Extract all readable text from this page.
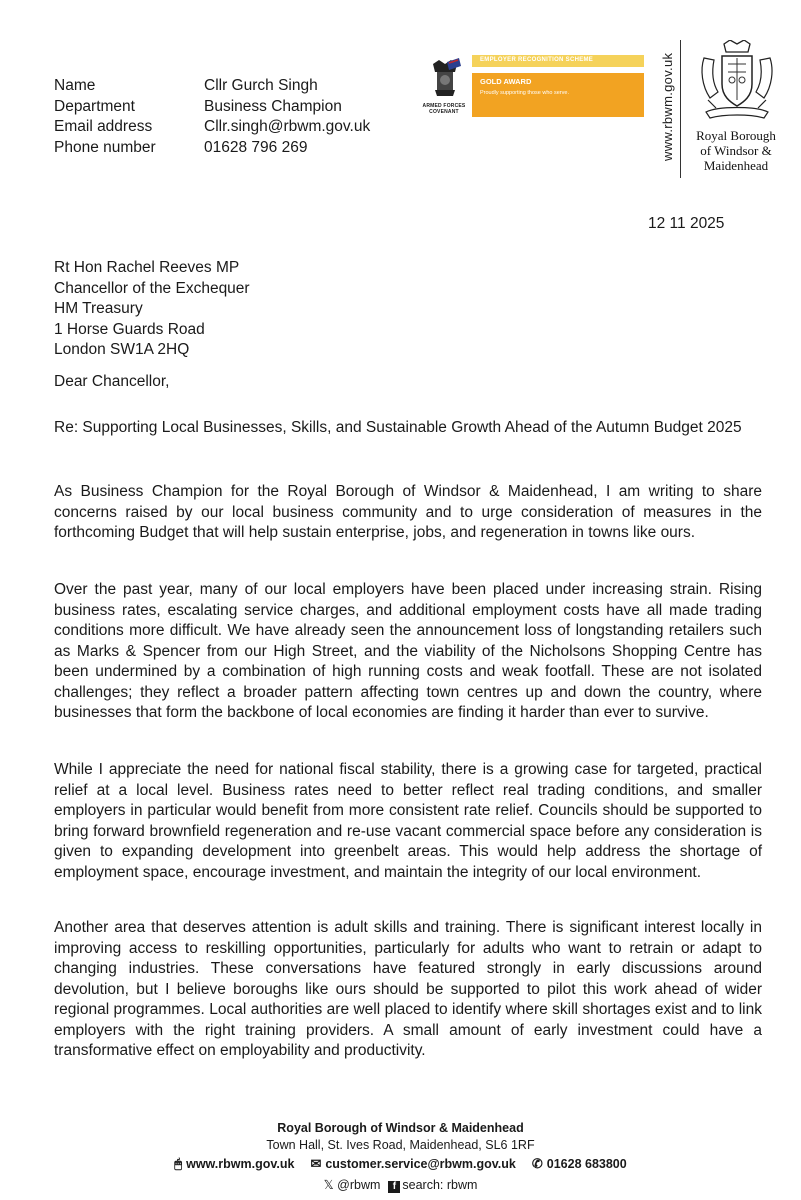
Name	Cllr Gurch Singh
Department	Business Champion
Email address	Cllr.singh@rbwm.gov.uk
Phone number	01628 796 269
ARMED FORCES COVENANT
EMPLOYER RECOGNITION SCHEME
GOLD AWARD
Proudly supporting those who serve.	www.rbwm.gov.uk	Royal Borough
of Windsor &
Maidenhead
12 11 2025
Rt Hon Rachel Reeves MP
Chancellor of the Exchequer
HM Treasury
1 Horse Guards Road
London SW1A 2HQ
Dear Chancellor,
Re: Supporting Local Businesses, Skills, and Sustainable Growth Ahead of the Autumn Budget 2025
As Business Champion for the Royal Borough of Windsor & Maidenhead, I am writing to share concerns raised by our local business community and to urge consideration of measures in the forthcoming Budget that will help sustain enterprise, jobs, and regeneration in towns like ours.
Over the past year, many of our local employers have been placed under increasing strain. Rising business rates, escalating service charges, and additional employment costs have all made trading conditions more difficult. We have already seen the announcement loss of longstanding retailers such as Marks & Spencer from our High Street, and the viability of the Nicholsons Shopping Centre has been undermined by a combination of high running costs and weak footfall. These are not isolated challenges; they reflect a broader pattern affecting town centres up and down the country, where businesses that form the backbone of local economies are finding it harder than ever to survive.
While I appreciate the need for national fiscal stability, there is a growing case for targeted, practical relief at a local level. Business rates need to better reflect real trading conditions, and smaller employers in particular would benefit from more consistent rate relief. Councils should be supported to bring forward brownfield regeneration and re-use vacant commercial space before any consideration is given to expanding development into greenbelt areas. This would help address the shortage of employment space, encourage investment, and maintain the integrity of our local environment.
Another area that deserves attention is adult skills and training. There is significant interest locally in improving access to reskilling opportunities, particularly for adults who want to retrain or adapt to changing industries. These conversations have featured strongly in early discussions around devolution, but I believe boroughs like ours should be supported to pilot this work ahead of wider regional programmes. Local authorities are well placed to identify where skill shortages exist and to link employers with the right training providers. A small amount of early investment could have a transformative effect on employability and productivity.
Royal Borough of Windsor & Maidenhead
Town Hall, St. Ives Road, Maidenhead, SL6 1RF
🖱 www.rbwm.gov.uk ✉ customer.service@rbwm.gov.uk ✆ 01628 683800
𝕏 @rbwm	f search: rbwm
